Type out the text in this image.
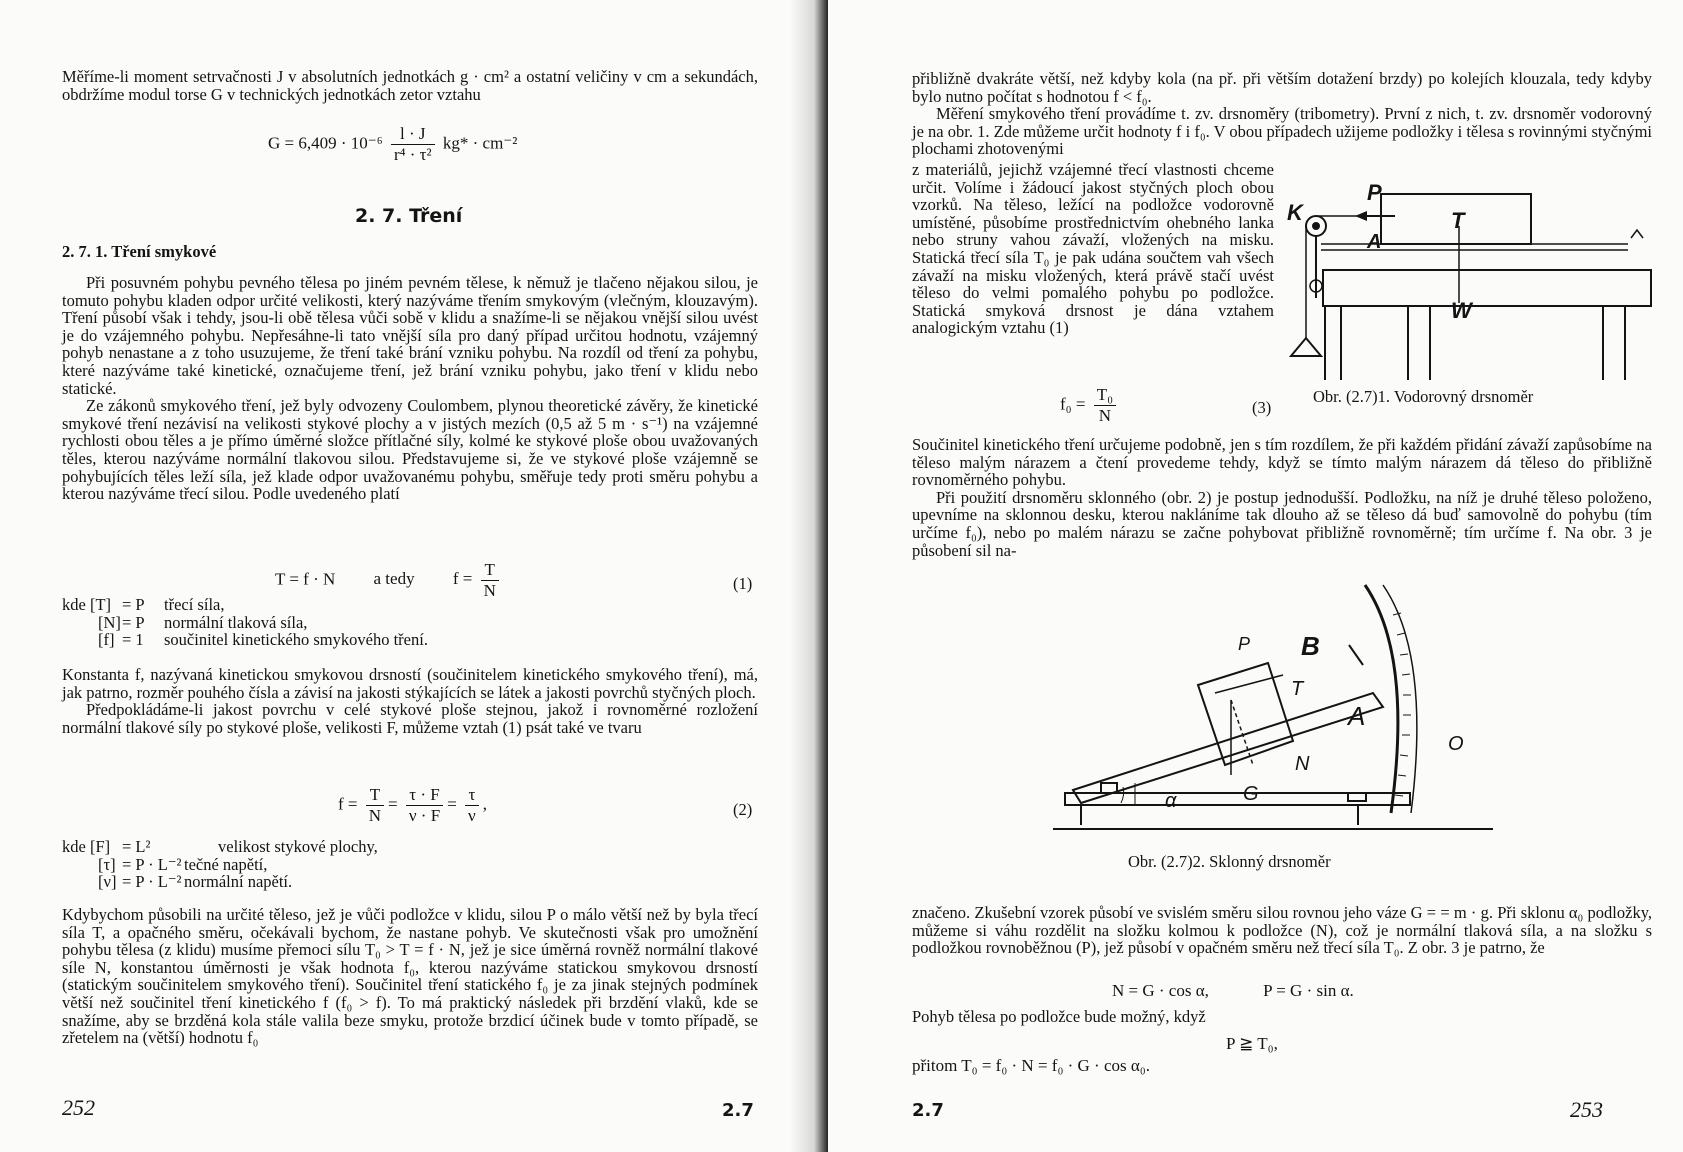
Měříme-li moment setrvačnosti J v absolutních jednotkách g · cm² a ostatní veličiny v cm a sekundách, obdržíme modul torse G v technických jednotkách zetor vztahu

$G = 6,409 \cdot 10^{-6} \frac{l \cdot J}{\text{r⁴ · τ²}} kg* \cdot cm^{-2}$
2. 7. Tření
2. 7. 1. Tření smykové

Při posuvném pohybu pevného tělesa po jiném pevném tělese, k němuž je tlačeno nějakou silou, je tomuto pohybu kladen odpor určité velikosti, který nazýváme třením smykovým (vlečným, klouzavým). Tření působí však i tehdy, jsou-li obě tělesa vůči sobě v klidu a snažíme-li se nějakou vnější silou uvést je do vzájemného pohybu. Nepřesáhne-li tato vnější síla pro daný případ určitou hodnotu, vzájemný pohyb nenastane a z toho usuzujeme, že tření také brání vzniku pohybu. Na rozdíl od tření za pohybu, které nazýváme také kinetické, označujeme tření, jež brání vzniku pohybu, jako tření v klidu nebo statické.

Ze zákonů smykového tření, jež byly odvozeny Coulombem, plynou theoretické závěry, že kinetické smykové tření nezávisí na velikosti stykové plochy a v jistých mezích (0,5 až 5 m · s⁻¹) na vzájemné rychlosti obou těles a je přímo úměrné složce přítlačné síly, kolmé ke stykové ploše obou uvažovaných těles, kterou nazýváme normální tlakovou silou. Představujeme si, že ve stykové ploše vzájemně se pohybujících těles leží síla, jež klade odpor uvažovanému pohybu, směřuje tedy proti směru pohybu a kterou nazýváme třecí silou. Podle uvedeného platí

T = f · N a tedy $f = \frac{T}{N}$	(1)
kde [T] = P třecí síla,
[N]= P normální tlaková síla,
[f] = 1 součinitel kinetického smykového tření.

Konstanta f, nazývaná kinetickou smykovou drsností (součinitelem kinetického smykového tření), má, jak patrno, rozměr pouhého čísla a závisí na jakosti stýkajících se látek a jakosti povrchů styčných ploch.

Předpokládáme-li jakost povrchu v celé stykové ploše stejnou, jakož i rovnoměrné rozložení normální tlakové síly po stykové ploše, velikosti F, můžeme vztah (1) psát také ve tvaru

$f = \frac{T}{N} = \frac{\tau \cdot F}{\nu \cdot F} = \frac{\tau}{\nu}$ ,	(2)
kde [F] = L²	velikost stykové plochy,
[τ] = P · L⁻² tečné napětí,
[ν] = P · L⁻² normální napětí.

Kdybychom působili na určité těleso, jež je vůči podložce v klidu, silou P o málo větší než by byla třecí síla T, a opačného směru, očekávali bychom, že nastane pohyb. Ve skutečnosti však pro umožnění pohybu tělesa (z klidu) musíme přemoci sílu T₀ > T = f · N, jež je sice úměrná rovněž normální tlakové síle N, konstantou úměrnosti je však hodnota f₀, kterou nazýváme statickou smykovou drsností (statickým součinitelem smykového tření). Součinitel tření statického f₀ je za jinak stejných podmínek větší než součinitel tření kinetického f (f₀ > f). To má praktický následek při brzdění vlaků, kde se snažíme, aby se brzděná kola stále valila beze smyku, protože brzdicí účinek bude v tomto případě, se zřetelem na (větší) hodnotu f₀

252	2.7

přibližně dvakráte větší, než kdyby kola (na př. při větším dotažení brzdy) po kolejích klouzala, tedy kdyby bylo nutno počítat s hodnotou f < f₀.

Měření smykového tření provádíme t. zv. drsnoměry (tribometry). První z nich, t. zv. drsnoměr vodorovný je na obr. 1. Zde můžeme určit hodnoty f i f₀. V obou případech užijeme podložky i tělesa s rovinnými styčnými plochami zhotovenými

z materiálů, jejichž vzájemné třecí vlastnosti chceme určit. Volíme i žádoucí jakost styčných ploch obou vzorků. Na těleso, ležící na podložce vodorovně umístěné, působíme prostřednictvím ohebného lanka nebo struny vahou závaží, vložených na misku. Statická třecí síla T₀ je pak udána součtem vah všech závaží na misku vložených, která právě stačí uvést těleso do velmi pomalého pohybu po podložce. Statická smyková drsnost je dána vztahem analogickým vztahu (1)

K
P
T
A
W
Obr. (2.7)1. Vodorovný drsnoměr
$f_0 = \frac{\text{T₀}}{N}$	(3)

Součinitel kinetického tření určujeme podobně, jen s tím rozdílem, že při každém přidání závaží zapůsobíme na těleso malým nárazem a čtení provedeme tehdy, když se tímto malým nárazem dá těleso do přibližně rovnoměrného pohybu.

Při použití drsnoměru sklonného (obr. 2) je postup jednodušší. Podložku, na níž je druhé těleso položeno, upevníme na sklonnou desku, kterou nakláníme tak dlouho až se těleso dá buď samovolně do pohybu (tím určíme f₀), nebo po malém nárazu se začne pohybovat přibližně rovnoměrně; tím určíme f. Na obr. 3 je působení sil na-

P B
T
A
α
N
G
O
Obr. (2.7)2. Sklonný drsnoměr

značeno. Zkušební vzorek působí ve svislém směru silou rovnou jeho váze G = = m · g. Při sklonu α₀ podložky, můžeme si váhu rozdělit na složku kolmou k podložce (N), což je normální tlaková síla, a na složku s podložkou rovnoběžnou (P), jež působí v opačném směru než třecí síla T₀. Z obr. 3 je patrno, že

N = G · cos α,	P = G · sin α.

Pohyb tělesa po podložce bude možný, když

P ≧ T₀,
přitom T₀ = f₀ · N = f₀ · G · cos α₀.
2.7	253
